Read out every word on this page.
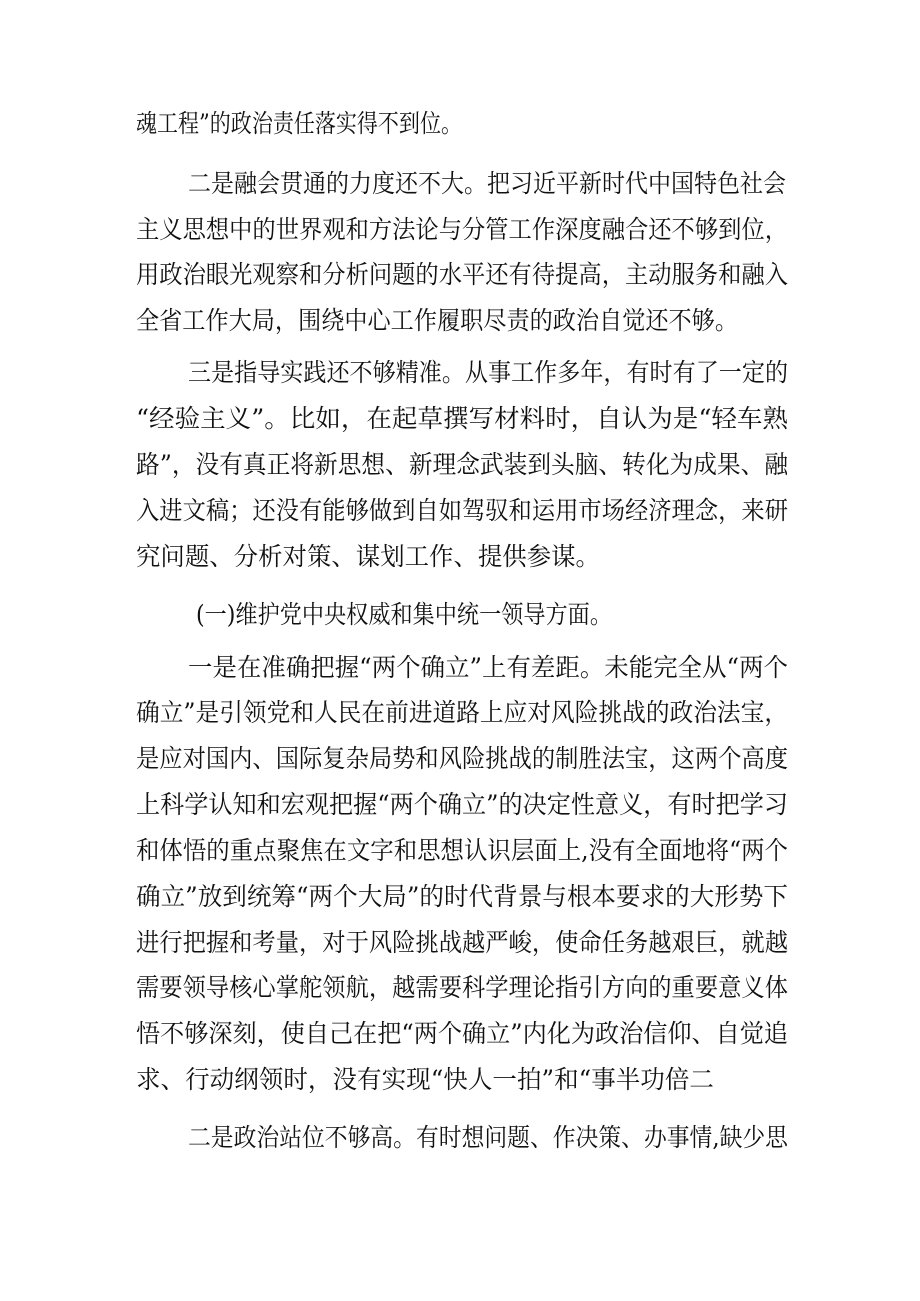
魂工程”的政治责任落实得不到位。
二是融会贯通的力度还不大。把习近平新时代中国特色社会
主义思想中的世界观和方法论与分管工作深度融合还不够到位，
用政治眼光观察和分析问题的水平还有待提高，主动服务和融入
全省工作大局，围绕中心工作履职尽责的政治自觉还不够。
三是指导实践还不够精准。从事工作多年，有时有了一定的
“经验主义”。比如，在起草撰写材料时，自认为是“轻车熟
路”，没有真正将新思想、新理念武装到头脑、转化为成果、融
入进文稿；还没有能够做到自如驾驭和运用市场经济理念，来研
究问题、分析对策、谋划工作、提供参谋。
(一)维护党中央权威和集中统一领导方面。
一是在准确把握“两个确立”上有差距。未能完全从“两个
确立”是引领党和人民在前进道路上应对风险挑战的政治法宝，
是应对国内、国际复杂局势和风险挑战的制胜法宝，这两个高度
上科学认知和宏观把握“两个确立”的决定性意义，有时把学习
和体悟的重点聚焦在文字和思想认识层面上,没有全面地将“两个
确立”放到统筹“两个大局”的时代背景与根本要求的大形势下
进行把握和考量，对于风险挑战越严峻，使命任务越艰巨，就越
需要领导核心掌舵领航，越需要科学理论指引方向的重要意义体
悟不够深刻，使自己在把“两个确立”内化为政治信仰、自觉追
求、行动纲领时，没有实现“快人一拍”和“事半功倍二
二是政治站位不够高。有时想问题、作决策、办事情,缺少思
